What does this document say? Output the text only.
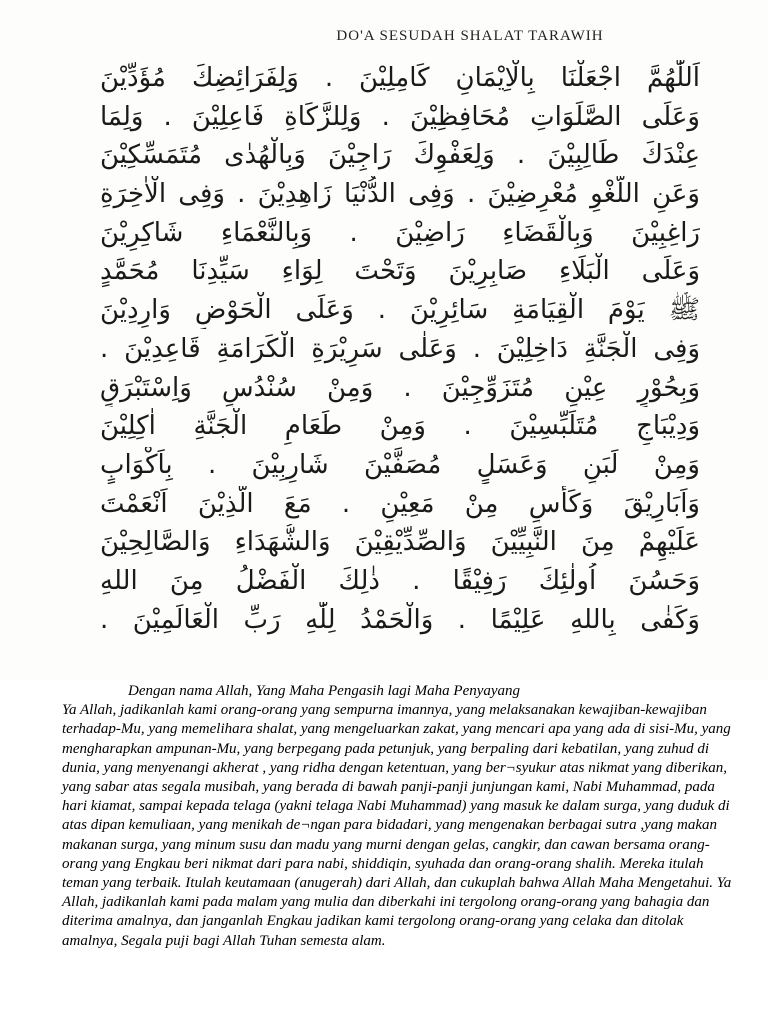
DO'A SESUDAH SHALAT TARAWIH
اَللّٰهُمَّ اجْعَلْنَا بِالْاِيْمَانِ كَامِلِيْنَ . وَلِفَرَائِضِكَ مُؤَدِّيْنَ
وَعَلَى الصَّلَوَاتِ مُحَافِظِيْنَ . وَلِلزَّكَاةِ فَاعِلِيْنَ . وَلِمَا
عِنْدَكَ طَالِبِيْنَ . وَلِعَفْوِكَ رَاجِيْنَ وَبِالْهُدٰى مُتَمَسِّكِيْنَ
وَعَنِ اللَّغْوِ مُعْرِضِيْنَ . وَفِى الدُّنْيَا زَاهِدِيْنَ . وَفِى الْاٰخِرَةِ
رَاغِبِيْنَ وَبِالْقَضَاءِ رَاضِيْنَ . وَبِالنَّعْمَاءِ شَاكِرِيْنَ
وَعَلَى الْبَلَاءِ صَابِرِيْنَ وَتَحْتَ لِوَاءِ سَيِّدِنَا مُحَمَّدٍ
ﷺ يَوْمَ الْقِيَامَةِ سَائِرِيْنَ . وَعَلَى الْحَوْضِ وَارِدِيْنَ
وَفِى الْجَنَّةِ دَاخِلِيْنَ . وَعَلٰى سَرِيْرَةِ الْكَرَامَةِ قَاعِدِيْنَ .
وَبِحُوْرٍ عِيْنٍ مُتَزَوِّجِيْنَ . وَمِنْ سُنْدُسٍ وَاِسْتَبْرَقٍ
وَدِيْبَاجٍ مُتَلَبِّسِيْنَ . وَمِنْ طَعَامِ الْجَنَّةِ اٰكِلِيْنَ
وَمِنْ لَبَنٍ وَعَسَلٍ مُصَفَّيْنَ شَارِبِيْنَ . بِاَكْوَابٍ
وَاَبَارِيْقَ وَكَأْسٍ مِنْ مَعِيْنٍ . مَعَ الَّذِيْنَ اَنْعَمْتَ
عَلَيْهِمْ مِنَ النَّبِيِّيْنَ وَالصِّدِّيْقِيْنَ وَالشُّهَدَاءِ وَالصَّالِحِيْنَ
وَحَسُنَ اُولٰئِكَ رَفِيْقًا . ذٰلِكَ الْفَضْلُ مِنَ اللهِ
وَكَفٰى بِاللهِ عَلِيْمًا . وَالْحَمْدُ لِلّٰهِ رَبِّ الْعَالَمِيْنَ .
Dengan nama Allah, Yang Maha Pengasih lagi Maha Penyayang
Ya Allah, jadikanlah kami orang-orang yang sempurna imannya, yang melaksanakan kewajiban-kewajiban terhadap-Mu, yang memelihara shalat, yang mengeluarkan zakat, yang mencari apa yang ada di sisi-Mu, yang mengharapkan ampunan-Mu, yang berpegang pada petunjuk, yang berpaling dari kebatilan, yang zuhud di dunia, yang menyenangi akherat , yang ridha dengan ketentuan, yang ber¬syukur atas nikmat yang diberikan, yang sabar atas segala musibah, yang berada di bawah panji-panji junjungan kami, Nabi Muhammad, pada hari kiamat, sampai kepada telaga (yakni telaga Nabi Muhammad) yang masuk ke dalam surga, yang duduk di atas dipan kemuliaan, yang menikah de¬ngan para bidadari, yang mengenakan berbagai sutra ,yang makan makanan surga, yang minum susu dan madu yang murni dengan gelas, cangkir, dan cawan bersama orang-orang yang Engkau beri nikmat dari para nabi, shiddiqin, syuhada dan orang-orang shalih. Mereka itulah teman yang terbaik. Itulah keutamaan (anugerah) dari Allah, dan cukuplah bahwa Allah Maha Mengetahui. Ya Allah, jadikanlah kami pada malam yang mulia dan diberkahi ini tergolong orang-orang yang bahagia dan diterima amalnya, dan janganlah Engkau jadikan kami tergolong orang-orang yang celaka dan ditolak amalnya, Segala puji bagi Allah Tuhan semesta alam.
